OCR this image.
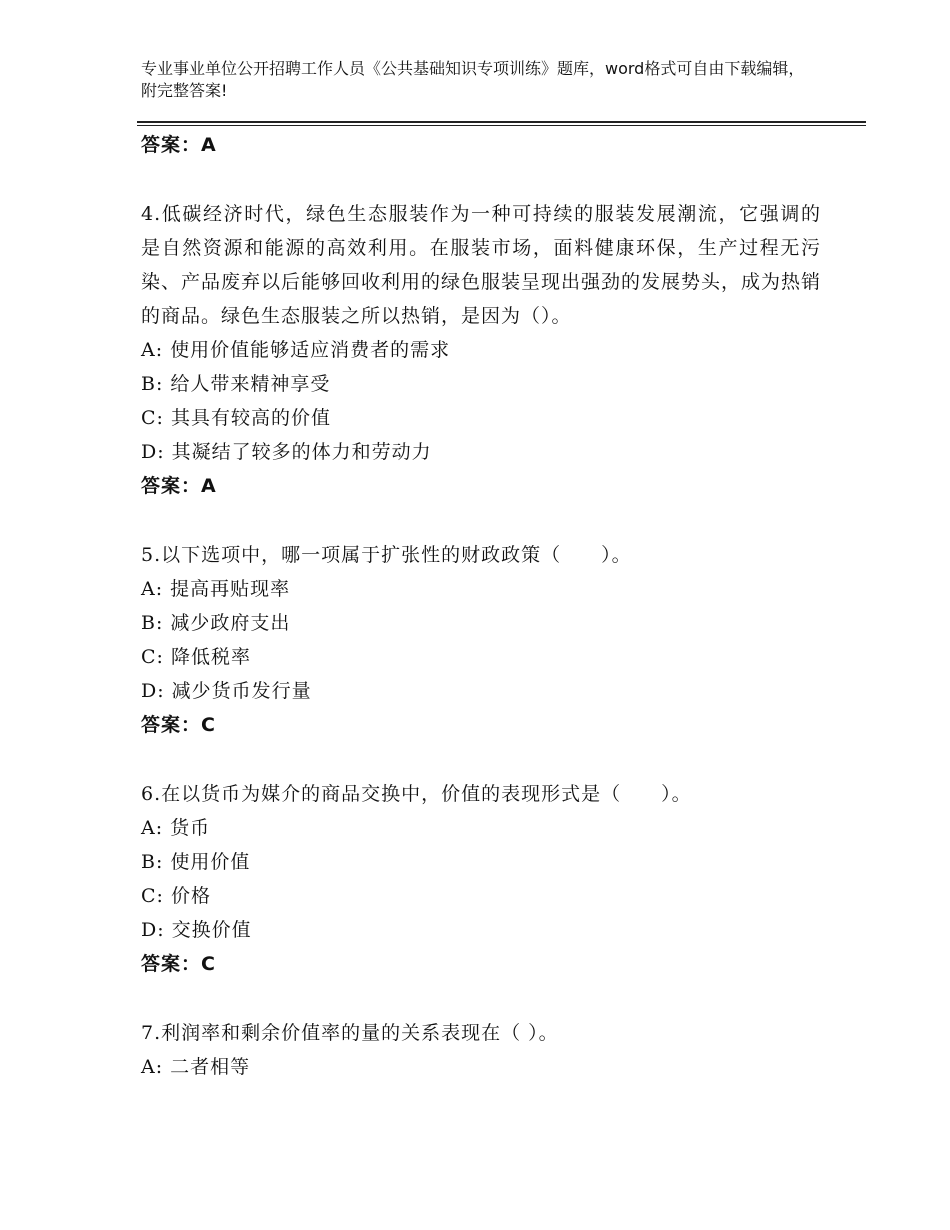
专业事业单位公开招聘工作人员《公共基础知识专项训练》题库，word格式可自由下载编辑，附完整答案!
答案：A
4.低碳经济时代，绿色生态服装作为一种可持续的服装发展潮流，它强调的是自然资源和能源的高效利用。在服装市场，面料健康环保，生产过程无污染、产品废弃以后能够回收利用的绿色服装呈现出强劲的发展势头，成为热销的商品。绿色生态服装之所以热销，是因为（）。
A: 使用价值能够适应消费者的需求
B: 给人带来精神享受
C: 其具有较高的价值
D: 其凝结了较多的体力和劳动力
答案：A
5.以下选项中，哪一项属于扩张性的财政政策（　　）。
A: 提高再贴现率
B: 减少政府支出
C: 降低税率
D: 减少货币发行量
答案：C
6.在以货币为媒介的商品交换中，价值的表现形式是（　　）。
A: 货币
B: 使用价值
C: 价格
D: 交换价值
答案：C
7.利润率和剩余价值率的量的关系表现在（ ）。
A: 二者相等
